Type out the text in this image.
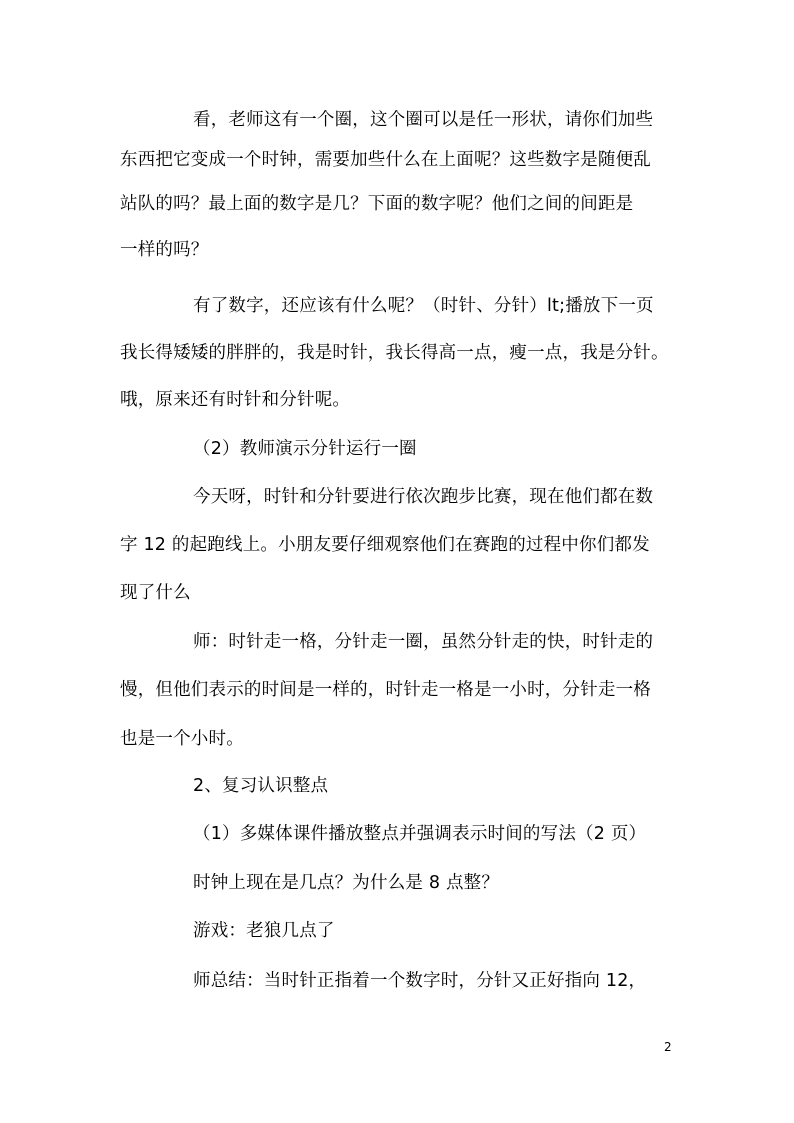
看，老师这有一个圈，这个圈可以是任一形状，请你们加些
东西把它变成一个时钟，需要加些什么在上面呢？这些数字是随便乱
站队的吗？最上面的数字是几？下面的数字呢？他们之间的间距是
一样的吗？
有了数字，还应该有什么呢？（时针、分针）lt;播放下一页
我长得矮矮的胖胖的，我是时针，我长得高一点，瘦一点，我是分针。
哦，原来还有时针和分针呢。
（2）教师演示分针运行一圈
今天呀，时针和分针要进行依次跑步比赛，现在他们都在数
字 12 的起跑线上。小朋友要仔细观察他们在赛跑的过程中你们都发
现了什么
师：时针走一格，分针走一圈，虽然分针走的快，时针走的
慢，但他们表示的时间是一样的，时针走一格是一小时，分针走一格
也是一个小时。
2、复习认识整点
（1）多媒体课件播放整点并强调表示时间的写法（2 页）
时钟上现在是几点？为什么是 8 点整？
游戏：老狼几点了
师总结：当时针正指着一个数字时，分针又正好指向 12，
2
